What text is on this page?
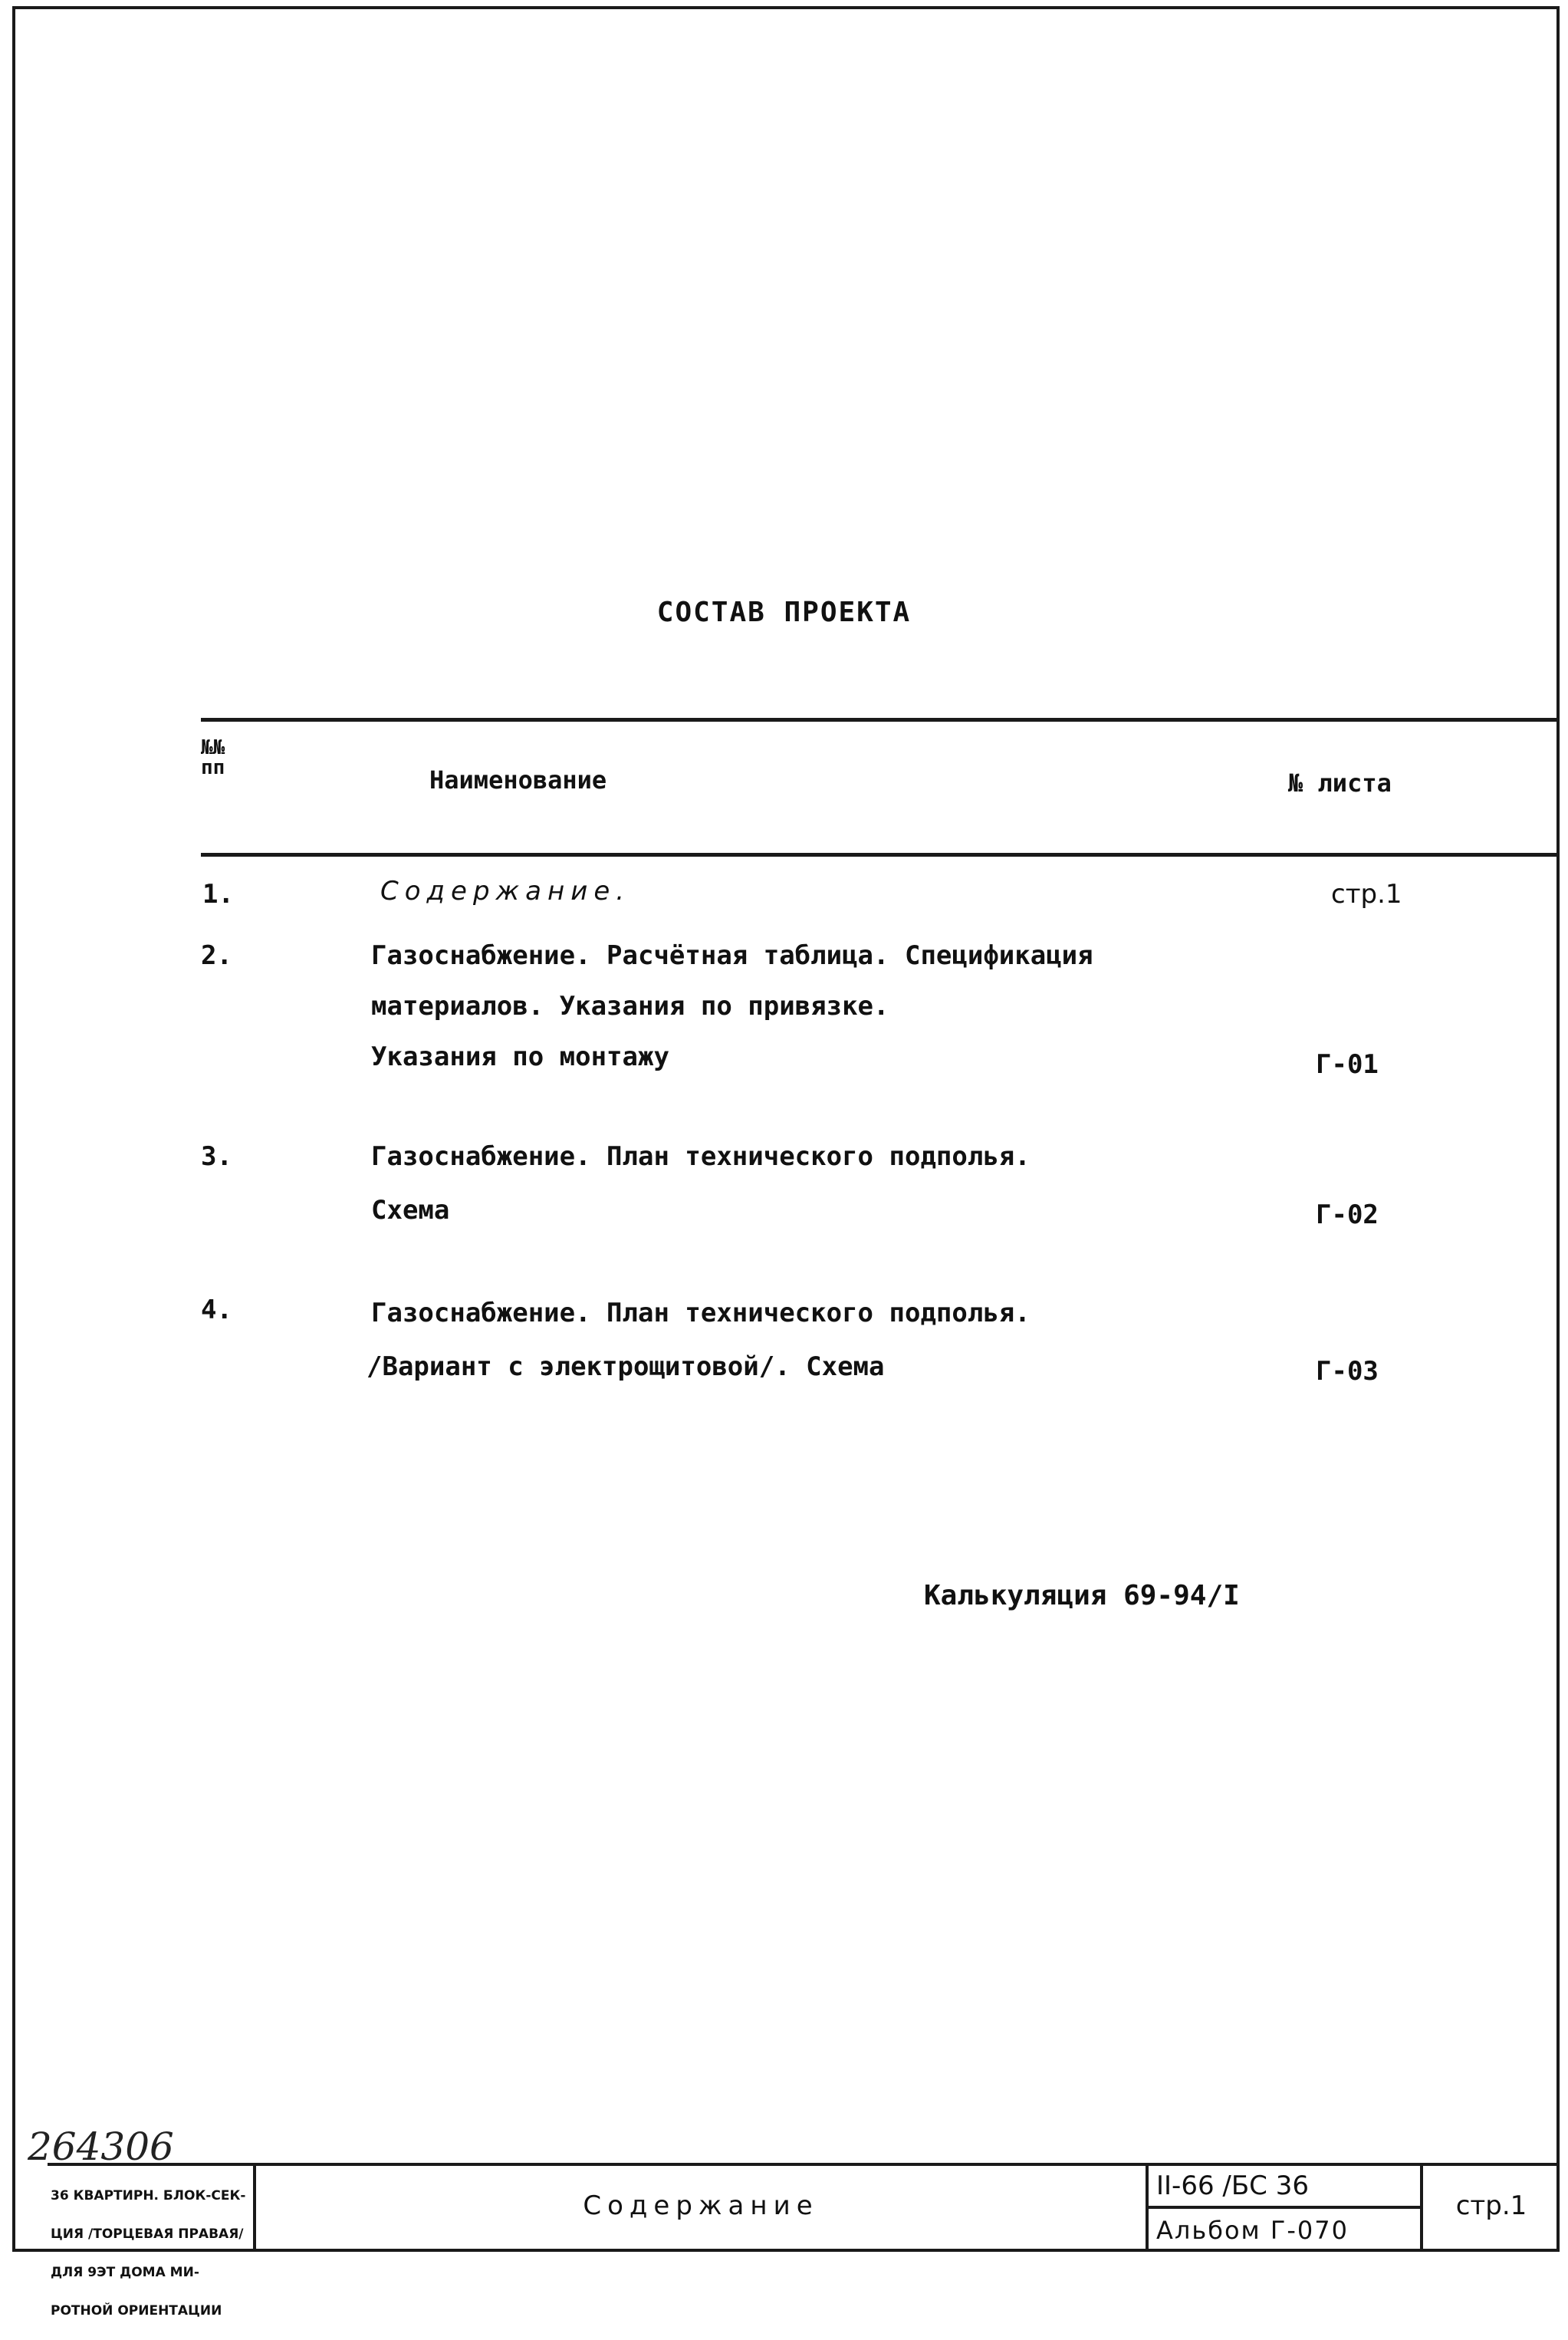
СОСТАВ ПРОЕКТА
№№ пп	Наименование	№ листа
1.	Содержание.	стр.1
2.	Газоснабжение. Расчётная таблица. Спецификация
материалов. Указания по привязке.
Указания по монтажу	Г-01
3.	Газоснабжение. План технического подполья.
Схема	Г-02
4.	Газоснабжение. План технического подполья.
/Вариант с электрощитовой/. Схема	Г-03
Калькуляция 69-94/I
264306

36 КВАРТИРН. БЛОК-СЕК-

ЦИЯ /ТОРЦЕВАЯ ПРАВАЯ/

ДЛЯ 9ЭТ ДОМА МИ-

РОТНОЙ ОРИЕНТАЦИИ

Содержание
II-66 /БС 36
Альбом Г-070
стр.1
